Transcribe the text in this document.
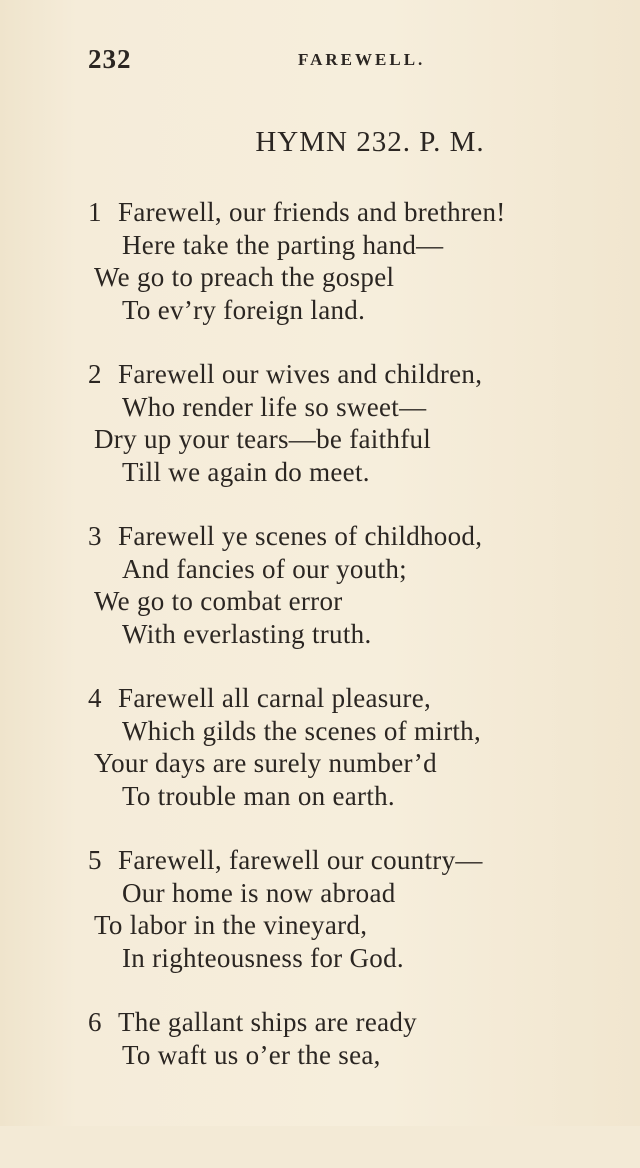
232	FAREWELL.
HYMN 232. P. M.
1 Farewell, our friends and brethren!
Here take the parting hand—
We go to preach the gospel
To ev’ry foreign land.
2 Farewell our wives and children,
Who render life so sweet—
Dry up your tears—be faithful
Till we again do meet.
3 Farewell ye scenes of childhood,
And fancies of our youth;
We go to combat error
With everlasting truth.
4 Farewell all carnal pleasure,
Which gilds the scenes of mirth,
Your days are surely number’d
To trouble man on earth.
5 Farewell, farewell our country—
Our home is now abroad
To labor in the vineyard,
In righteousness for God.
6 The gallant ships are ready
To waft us o’er the sea,
